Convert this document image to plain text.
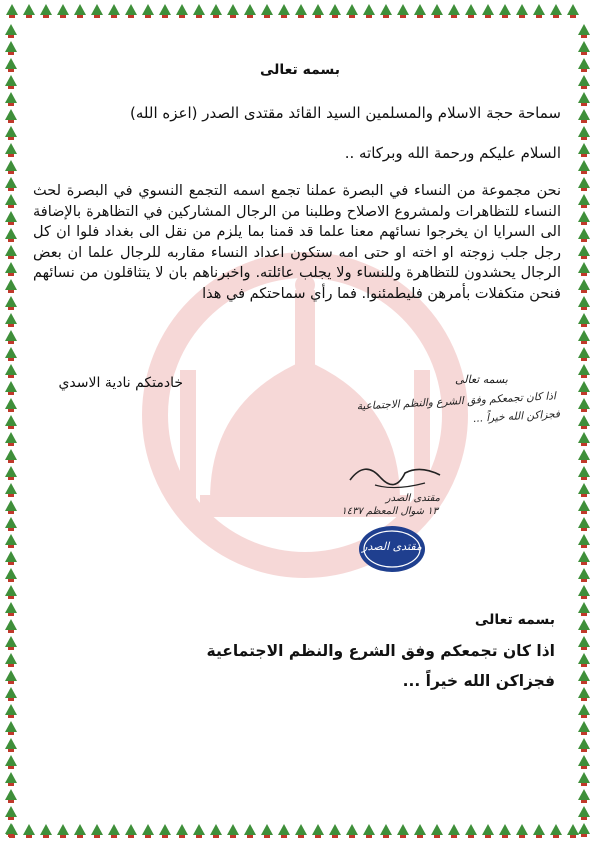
بسمه تعالى
سماحة حجة الاسلام والمسلمين السيد القائد مقتدى الصدر (اعزه الله)
السلام عليكم ورحمة الله وبركاته ..
نحن مجموعة من النساء في البصرة عملنا تجمع اسمه التجمع النسوي في البصرة لحث النساء للتظاهرات ولمشروع الاصلاح وطلبنا من الرجال المشاركين في التظاهرة بالإضافة الى السرايا ان يخرجوا نسائهم معنا علما قد قمنا بما يلزم من نقل الى بغداد فلوا ان كل رجل جلب زوجته او اخته او حتى امه ستكون اعداد النساء مقاربه للرجال علما ان بعض الرجال يحشدون للتظاهرة وللنساء ولا يجلب عائلته. واخبرناهم بان لا يتثاقلون من نسائهم فنحن متكفلات بأمرهن فليطمئنوا. فما رأي سماحتكم في هذا
خادمتكم نادية الاسدي	بسمه تعالى
اذا كان تجمعكم وفق الشرع والنظم الاجتماعية
فجزاكن الله خيراً ...
مقتدى الصدر
١٣ شوال المعظم ١٤٣٧
مقتدى الصدر
بسمه تعالى
اذا كان تجمعكم وفق الشرع والنظم الاجتماعية
فجزاكن الله خيراً ...
